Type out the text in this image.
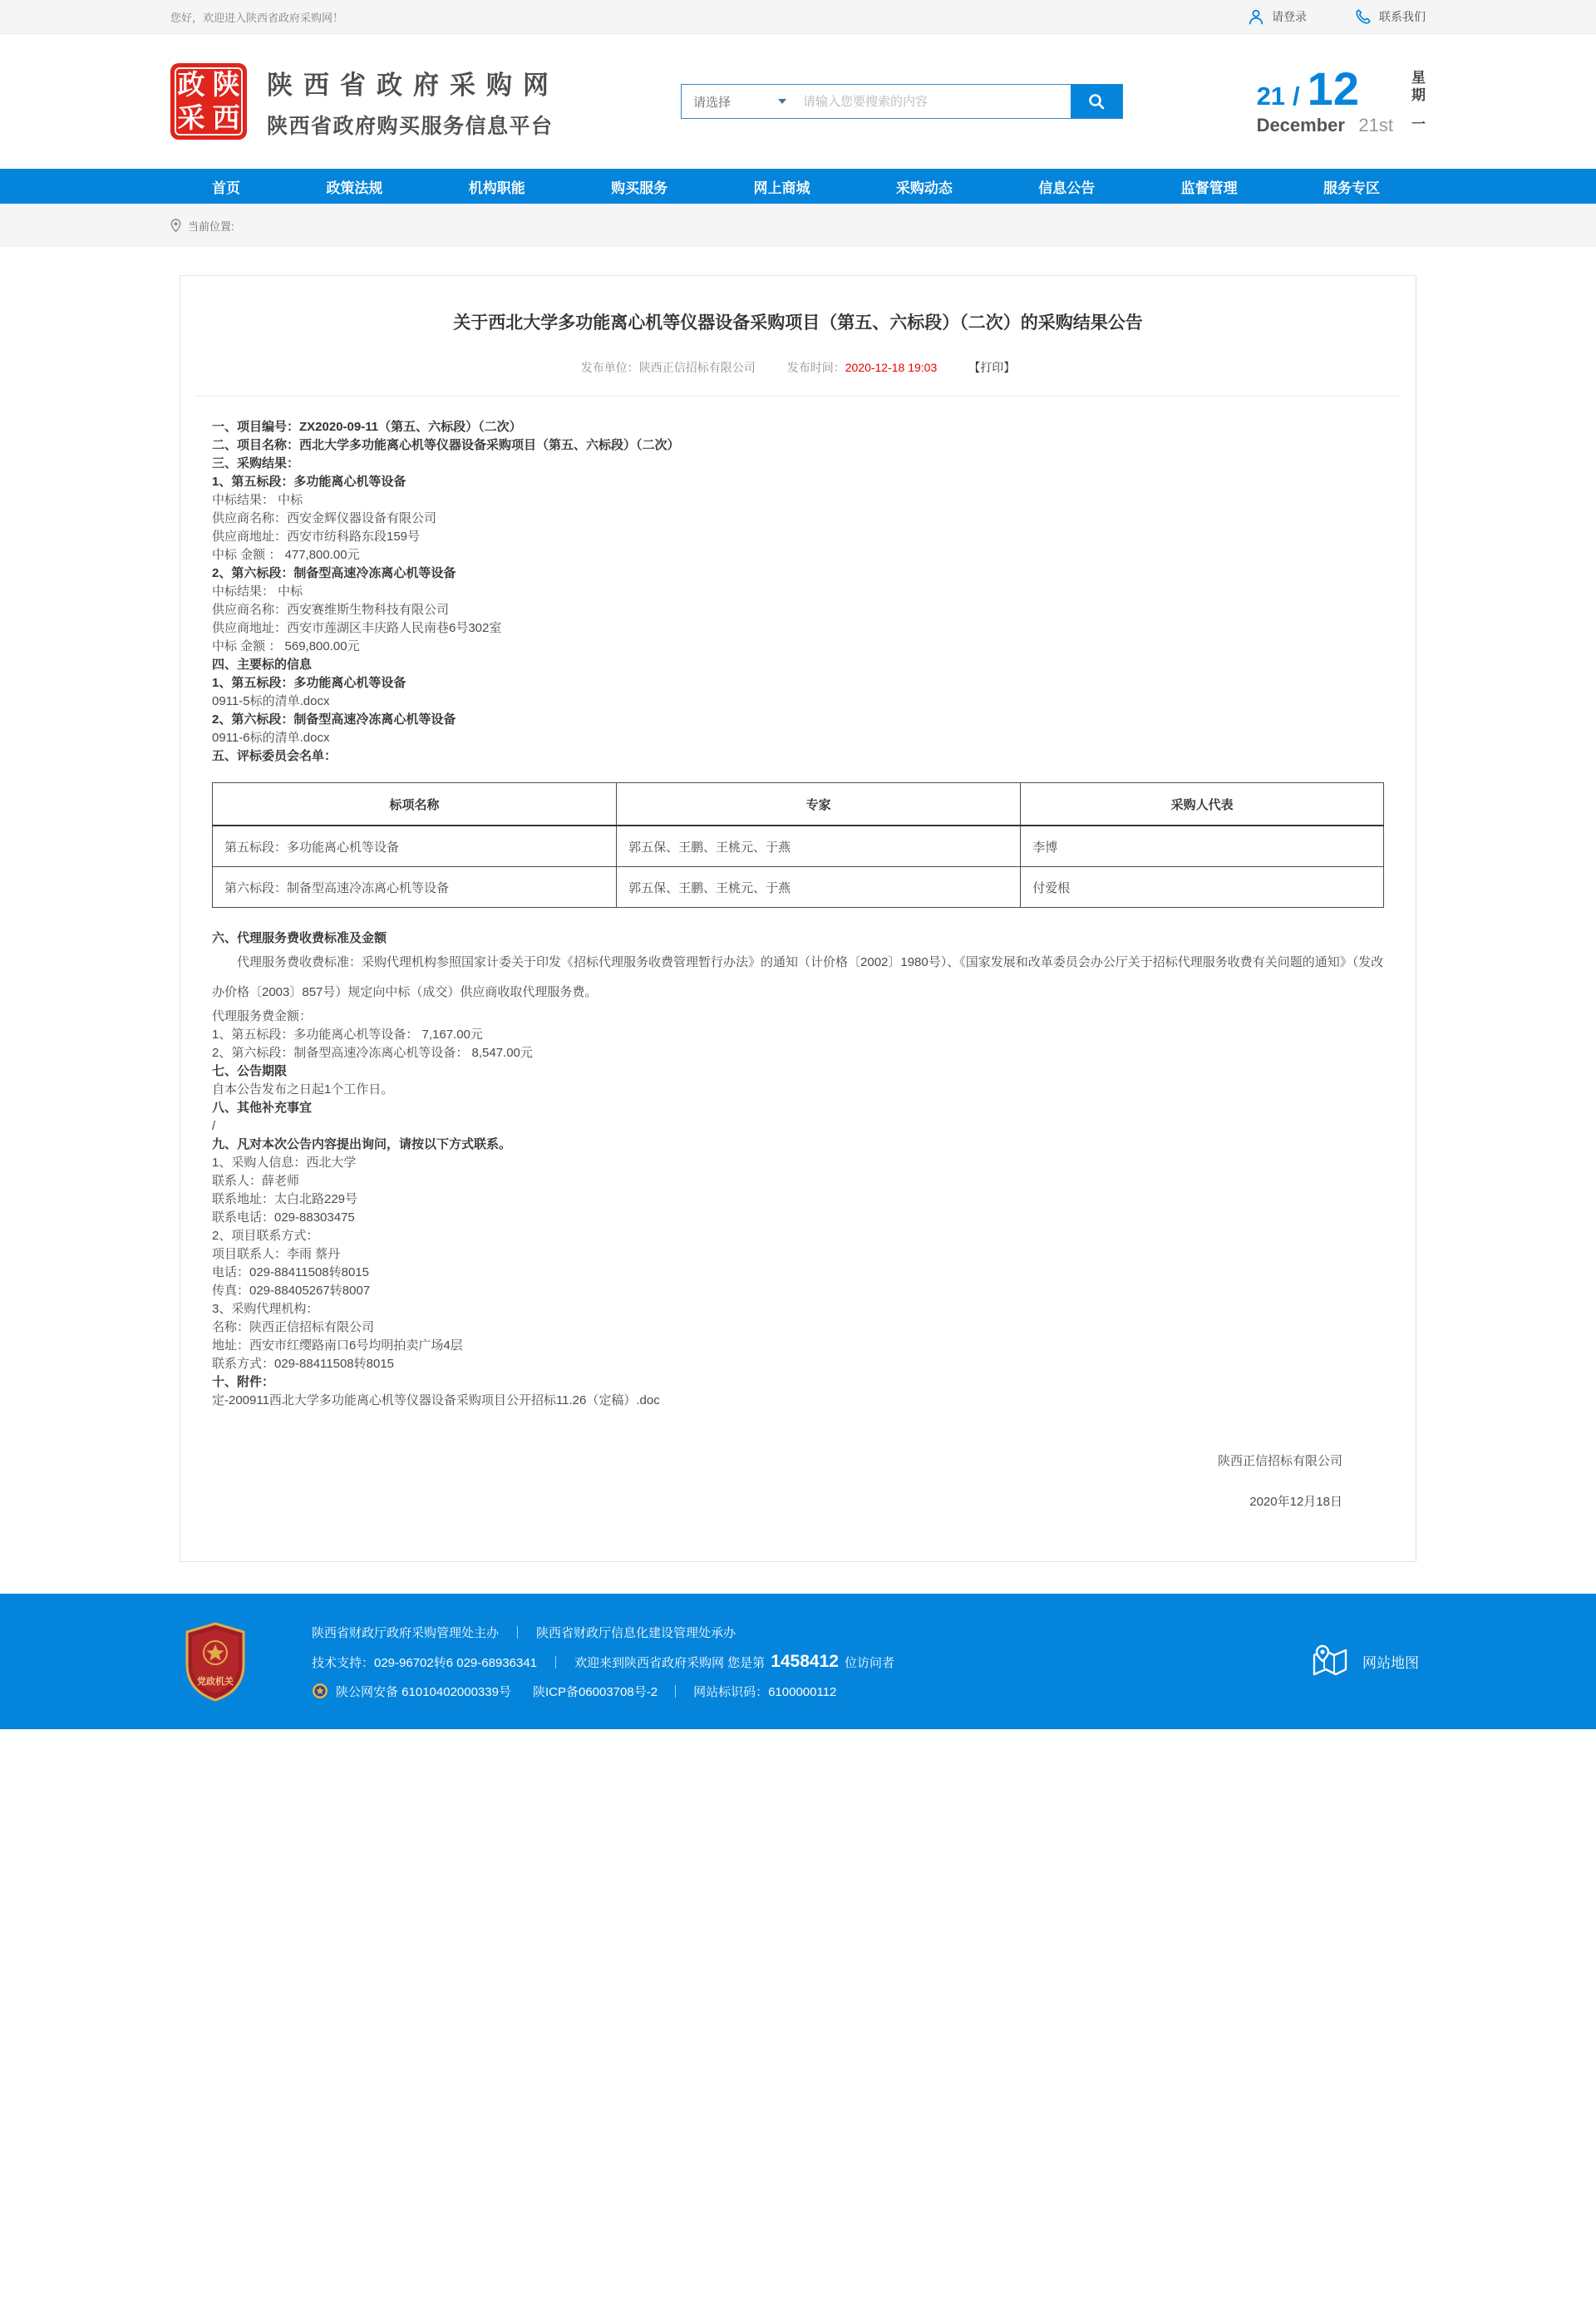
您好，欢迎进入陕西省政府采购网！	请登录	联系我们
政 陕
采 西
陕西省政府采购网
陕西省政府购买服务信息平台
请选择
请输入您要搜索的内容	21 / 12
December 21st
星
期
一
首页	政策法规	机构职能	购买服务	网上商城	采购动态	信息公告	监督管理	服务专区
当前位置:
关于西北大学多功能离心机等仪器设备采购项目（第五、六标段）（二次）的采购结果公告
发布单位：陕西正信招标有限公司	发布时间：2020-12-18 19:03	【打印】

一、项目编号：ZX2020-09-11（第五、六标段）（二次）

二、项目名称：西北大学多功能离心机等仪器设备采购项目（第五、六标段）（二次）

三、采购结果：

1、第五标段：多功能离心机等设备

中标结果： 中标

供应商名称：西安金辉仪器设备有限公司

供应商地址：西安市纺科路东段159号

中标 金额 ： 477,800.00元

2、第六标段：制备型高速冷冻离心机等设备

中标结果： 中标

供应商名称：西安赛维斯生物科技有限公司

供应商地址：西安市莲湖区丰庆路人民南巷6号302室

中标 金额 ： 569,800.00元

四、主要标的信息

1、第五标段：多功能离心机等设备

0911-5标的清单.docx

2、第六标段：制备型高速冷冻离心机等设备

0911-6标的清单.docx

五、评标委员会名单：

标项名称	专家	采购人代表
第五标段：多功能离心机等设备	郭五保、王鹏、王桃元、于燕	李博
第六标段：制备型高速冷冻离心机等设备	郭五保、王鹏、王桃元、于燕	付爱根

六、代理服务费收费标准及金额

代理服务费收费标准：采购代理机构参照国家计委关于印发《招标代理服务收费管理暂行办法》的通知（计价格〔2002〕1980号）、《国家发展和改革委员会办公厅关于招标代理服务收费有关问题的通知》（发改办价格〔2003〕857号）规定向中标（成交）供应商收取代理服务费。

代理服务费金额：

1、第五标段：多功能离心机等设备： 7,167.00元

2、第六标段：制备型高速冷冻离心机等设备： 8,547.00元

七、公告期限

自本公告发布之日起1个工作日。

八、其他补充事宜

/

九、凡对本次公告内容提出询问，请按以下方式联系。

1、采购人信息：西北大学

联系人：薛老师

联系地址：太白北路229号

联系电话：029-88303475

2、项目联系方式：

项目联系人：李雨 蔡丹

电话：029-88411508转8015

传真：029-88405267转8007

3、采购代理机构：

名称：陕西正信招标有限公司

地址：西安市红缨路南口6号均明拍卖广场4层

联系方式：029-88411508转8015

十、附件：

定-200911西北大学多功能离心机等仪器设备采购项目公开招标11.26（定稿）.doc

陕西正信招标有限公司

2020年12月18日

党政机关
陕西省财政厅政府采购管理处主办　｜　陕西省财政厅信息化建设管理处承办
技术支持：029-96702转6 029-68936341　｜　欢迎来到陕西省政府采购网 您是第 1458412 位访问者
陕公网安备 61010402000339号 陕ICP备06003708号-2 ｜ 网站标识码：6100000112
网站地图
